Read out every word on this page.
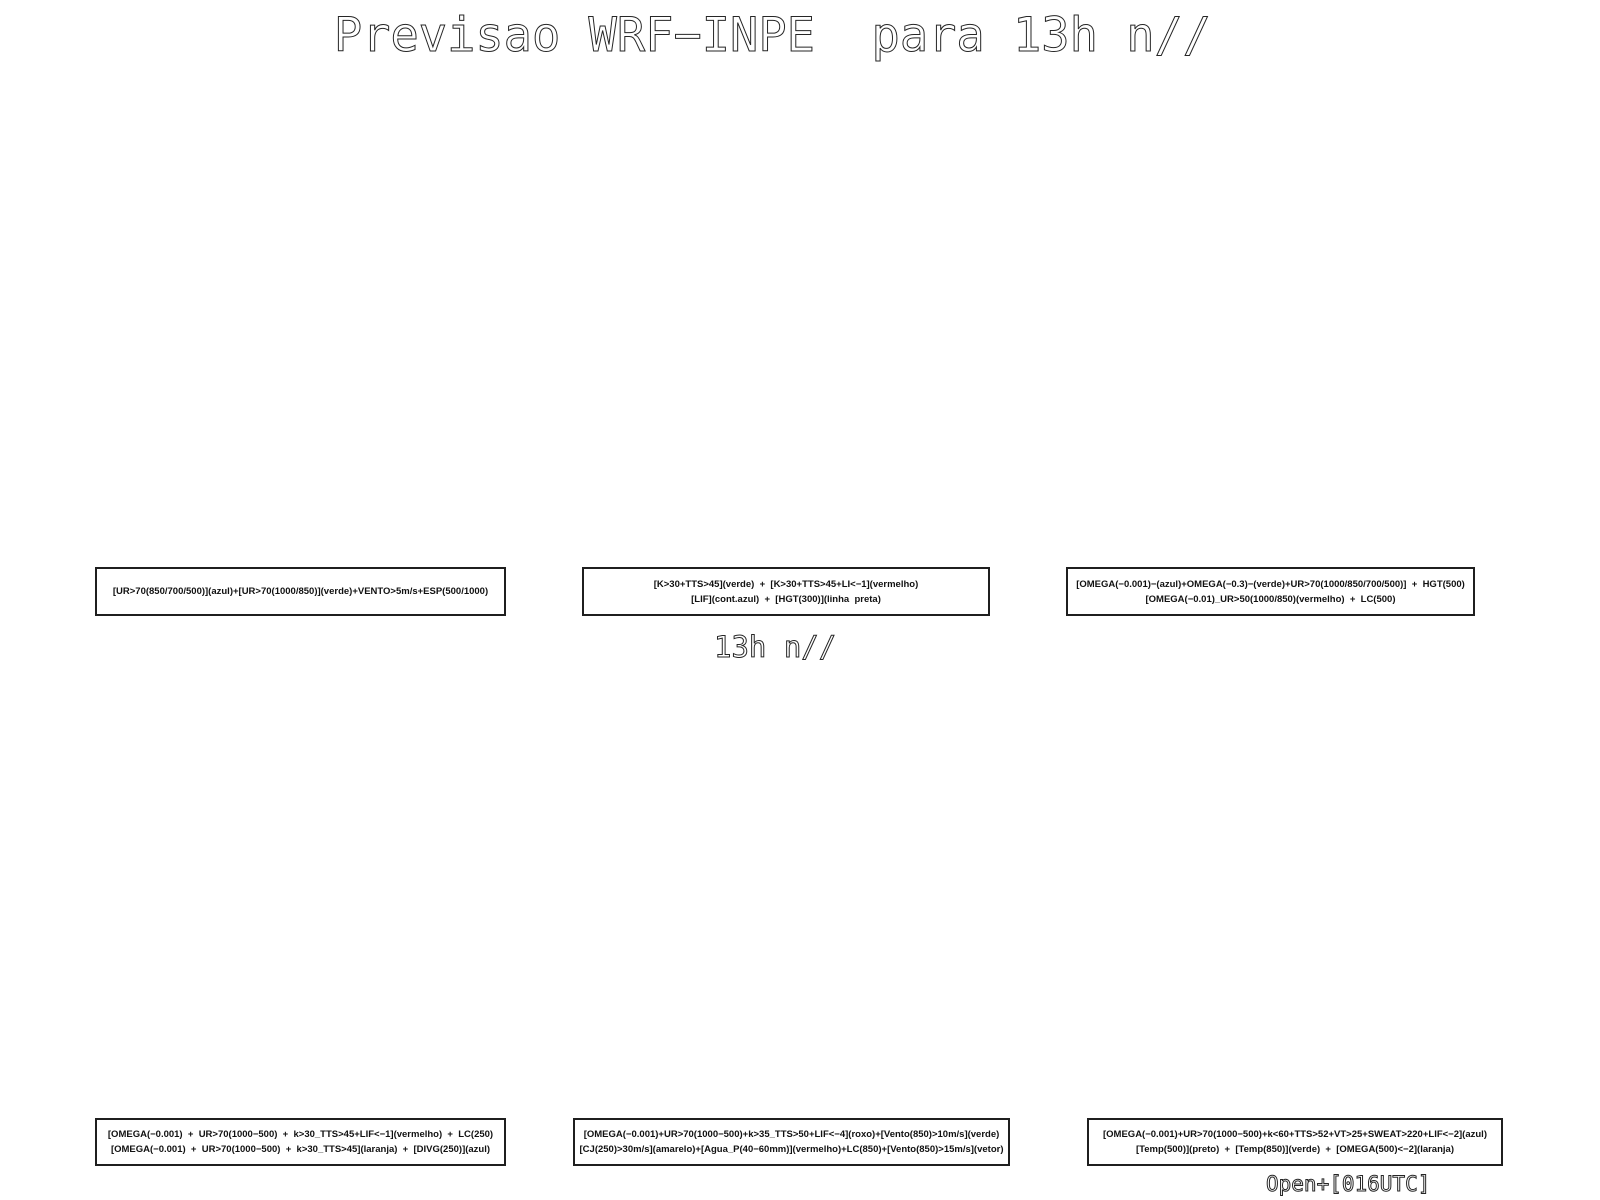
Previsao WRF−INPE  para 13h n//
[UR>70(850/700/500)](azul)+[UR>70(1000/850)](verde)+VENTO>5m/s+ESP(500/1000)
[K>30+TTS>45](verde)  +  [K>30+TTS>45+LI<−1](vermelho)
[LIF](cont.azul)  +  [HGT(300)](linha  preta)
[OMEGA(−0.001)−(azul)+OMEGA(−0.3)−(verde)+UR>70(1000/850/700/500)]  +  HGT(500)
[OMEGA(−0.01)_UR>50(1000/850)(vermelho)  +  LC(500)
13h n//
[OMEGA(−0.001)  +  UR>70(1000−500)  +  k>30_TTS>45+LIF<−1](vermelho)  +  LC(250)
[OMEGA(−0.001)  +  UR>70(1000−500)  +  k>30_TTS>45](laranja)  +  [DIVG(250)](azul)
[OMEGA(−0.001)+UR>70(1000−500)+k>35_TTS>50+LIF<−4](roxo)+[Vento(850)>10m/s](verde)
[CJ(250)>30m/s](amarelo)+[Agua_P(40−60mm)](vermelho)+LC(850)+[Vento(850)>15m/s](vetor)
[OMEGA(−0.001)+UR>70(1000−500)+k<60+TTS>52+VT>25+SWEAT>220+LIF<−2](azul)
[Temp(500)](preto)  +  [Temp(850)](verde)  +  [OMEGA(500)<−2](laranja)
Open+[016UTC]
